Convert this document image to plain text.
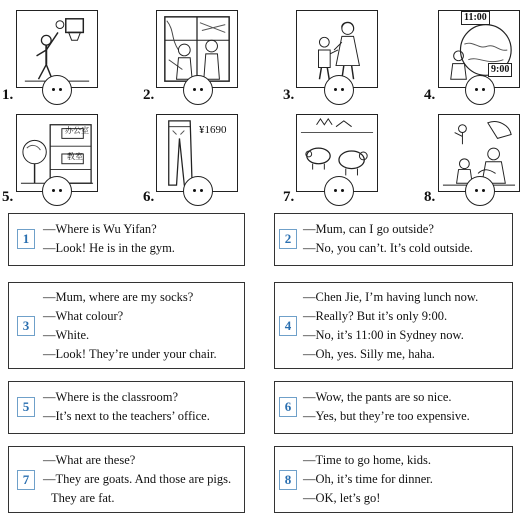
1.	2.	3.
11:00
9:00
4.
办公室
教室
5.
¥1690
6.	7.	8.
1
—Where is Wu Yifan?
—Look! He is in the gym.
2
—Mum, can I go outside?
—No, you can’t. It’s cold outside.
3
—Mum, where are my socks?
—What colour?
—White.
—Look! They’re under your chair.
4
—Chen Jie, I’m having lunch now.
—Really? But it’s only 9:00.
—No, it’s 11:00 in Sydney now.
—Oh, yes. Silly me, haha.
5
—Where is the classroom?
—It’s next to the teachers’ office.
6
—Wow, the pants are so nice.
—Yes, but they’re too expensive.
7
—What are these?
—They are goats. And those are pigs.
They are fat.
8
—Time to go home, kids.
—Oh, it’s time for dinner.
—OK, let’s go!
